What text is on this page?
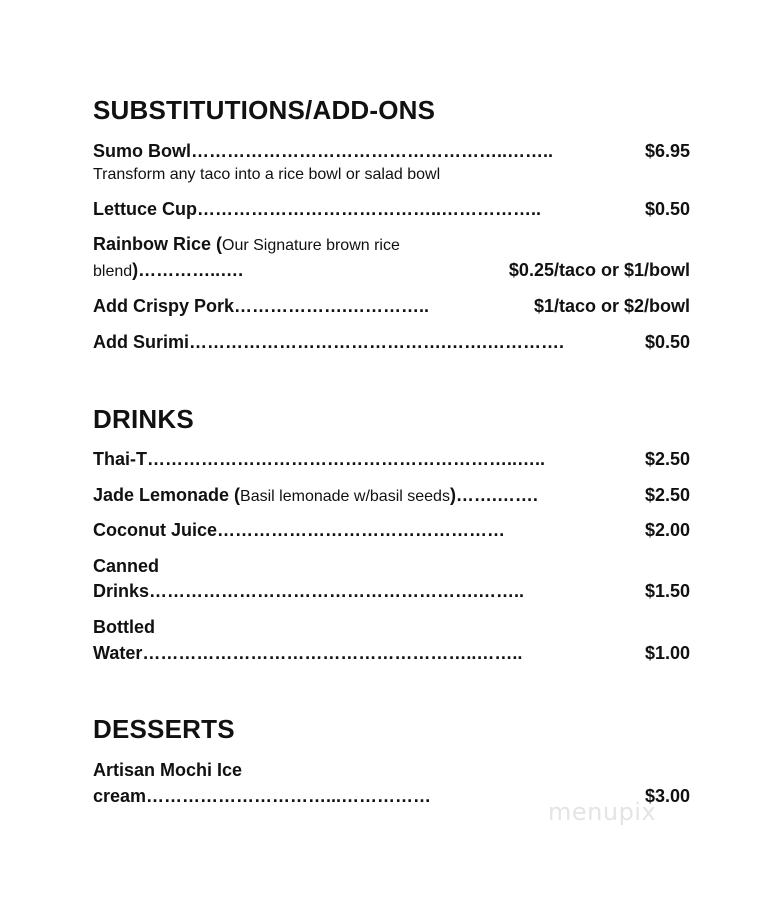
SUBSTITUTIONS/ADD-ONS
Sumo Bowl……………………………………………..……..	$6.95
Transform any taco into a rice bowl or salad bowl
Lettuce Cup…………………………………..……………..	$0.50
Rainbow Rice (Our Signature brown rice
blend)…………..….	$0.25/taco or $1/bowl
Add Crispy Pork……………….…………..	$1/taco or $2/bowl
Add Surimi…………………………………….…….………….	$0.50
DRINKS
Thai-T……………………………………………………..…..	$2.50
Jade Lemonade (Basil lemonade w/basil seeds)…….…….	$2.50
Coconut Juice…………………………………………	$2.00
Canned
Drinks……………………………………………….……..	$1.50
Bottled
Water………………………………………………..……..	$1.00
DESSERTS
Artisan Mochi Ice
cream…………………………...……………	$3.00
menupix
